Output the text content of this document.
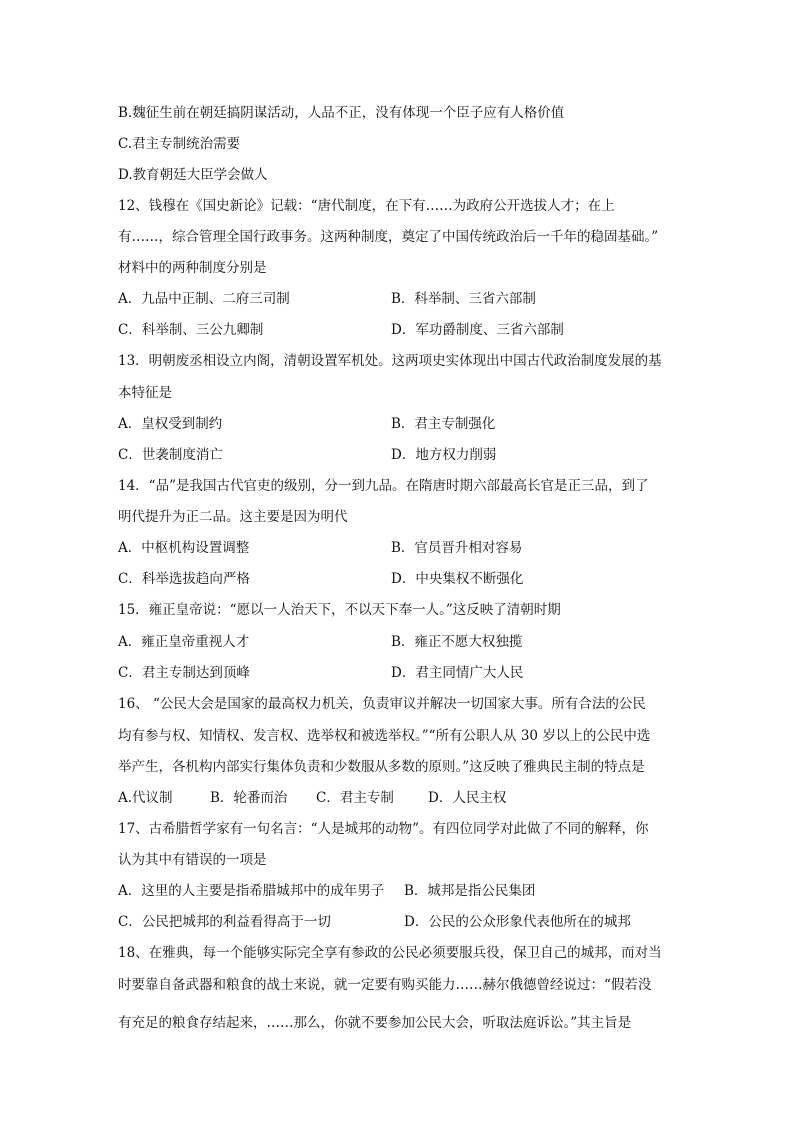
B.魏征生前在朝廷搞阴谋活动，人品不正，没有体现一个臣子应有人格价值
C.君主专制统治需要
D.教育朝廷大臣学会做人
12、钱穆在《国史新论》记载：“唐代制度，在下有……为政府公开选拔人才；在上
有……，综合管理全国行政事务。这两种制度，奠定了中国传统政治后一千年的稳固基础。”
材料中的两种制度分别是
A．九品中正制、二府三司制	B．科举制、三省六部制
C．科举制、三公九卿制	D．军功爵制度、三省六部制
13．明朝废丞相设立内阁，清朝设置军机处。这两项史实体现出中国古代政治制度发展的基
本特征是
A．皇权受到制约	B．君主专制强化
C．世袭制度消亡	D．地方权力削弱
14．“品”是我国古代官吏的级别，分一到九品。在隋唐时期六部最高长官是正三品，到了
明代提升为正二品。这主要是因为明代
A．中枢机构设置调整	B．官员晋升相对容易
C．科举选拔趋向严格	D．中央集权不断强化
15．雍正皇帝说：“愿以一人治天下，不以天下奉一人。”这反映了清朝时期
A．雍正皇帝重视人才	B．雍正不愿大权独揽
C．君主专制达到顶峰	D．君主同情广大人民
16、 “公民大会是国家的最高权力机关，负责审议并解决一切国家大事。所有合法的公民
均有参与权、知情权、发言权、选举权和被选举权。”“所有公职人从 30 岁以上的公民中选
举产生，各机构内部实行集体负责和少数服从多数的原则。”这反映了雅典民主制的特点是
A.代议制	B．轮番而治 C．君主专制	D．人民主权
17、古希腊哲学家有一句名言：“人是城邦的动物”。有四位同学对此做了不同的解释，你
认为其中有错误的一项是
A．这里的人主要是指希腊城邦中的成年男子 B．城邦是指公民集团
C．公民把城邦的利益看得高于一切	D．公民的公众形象代表他所在的城邦
18、在雅典，每一个能够实际完全享有参政的公民必须要服兵役，保卫自己的城邦，而对当
时要靠自备武器和粮食的战士来说，就一定要有购买能力……赫尔俄德曾经说过：“假若没
有充足的粮食存结起来，……那么，你就不要参加公民大会，听取法庭诉讼。”其主旨是
